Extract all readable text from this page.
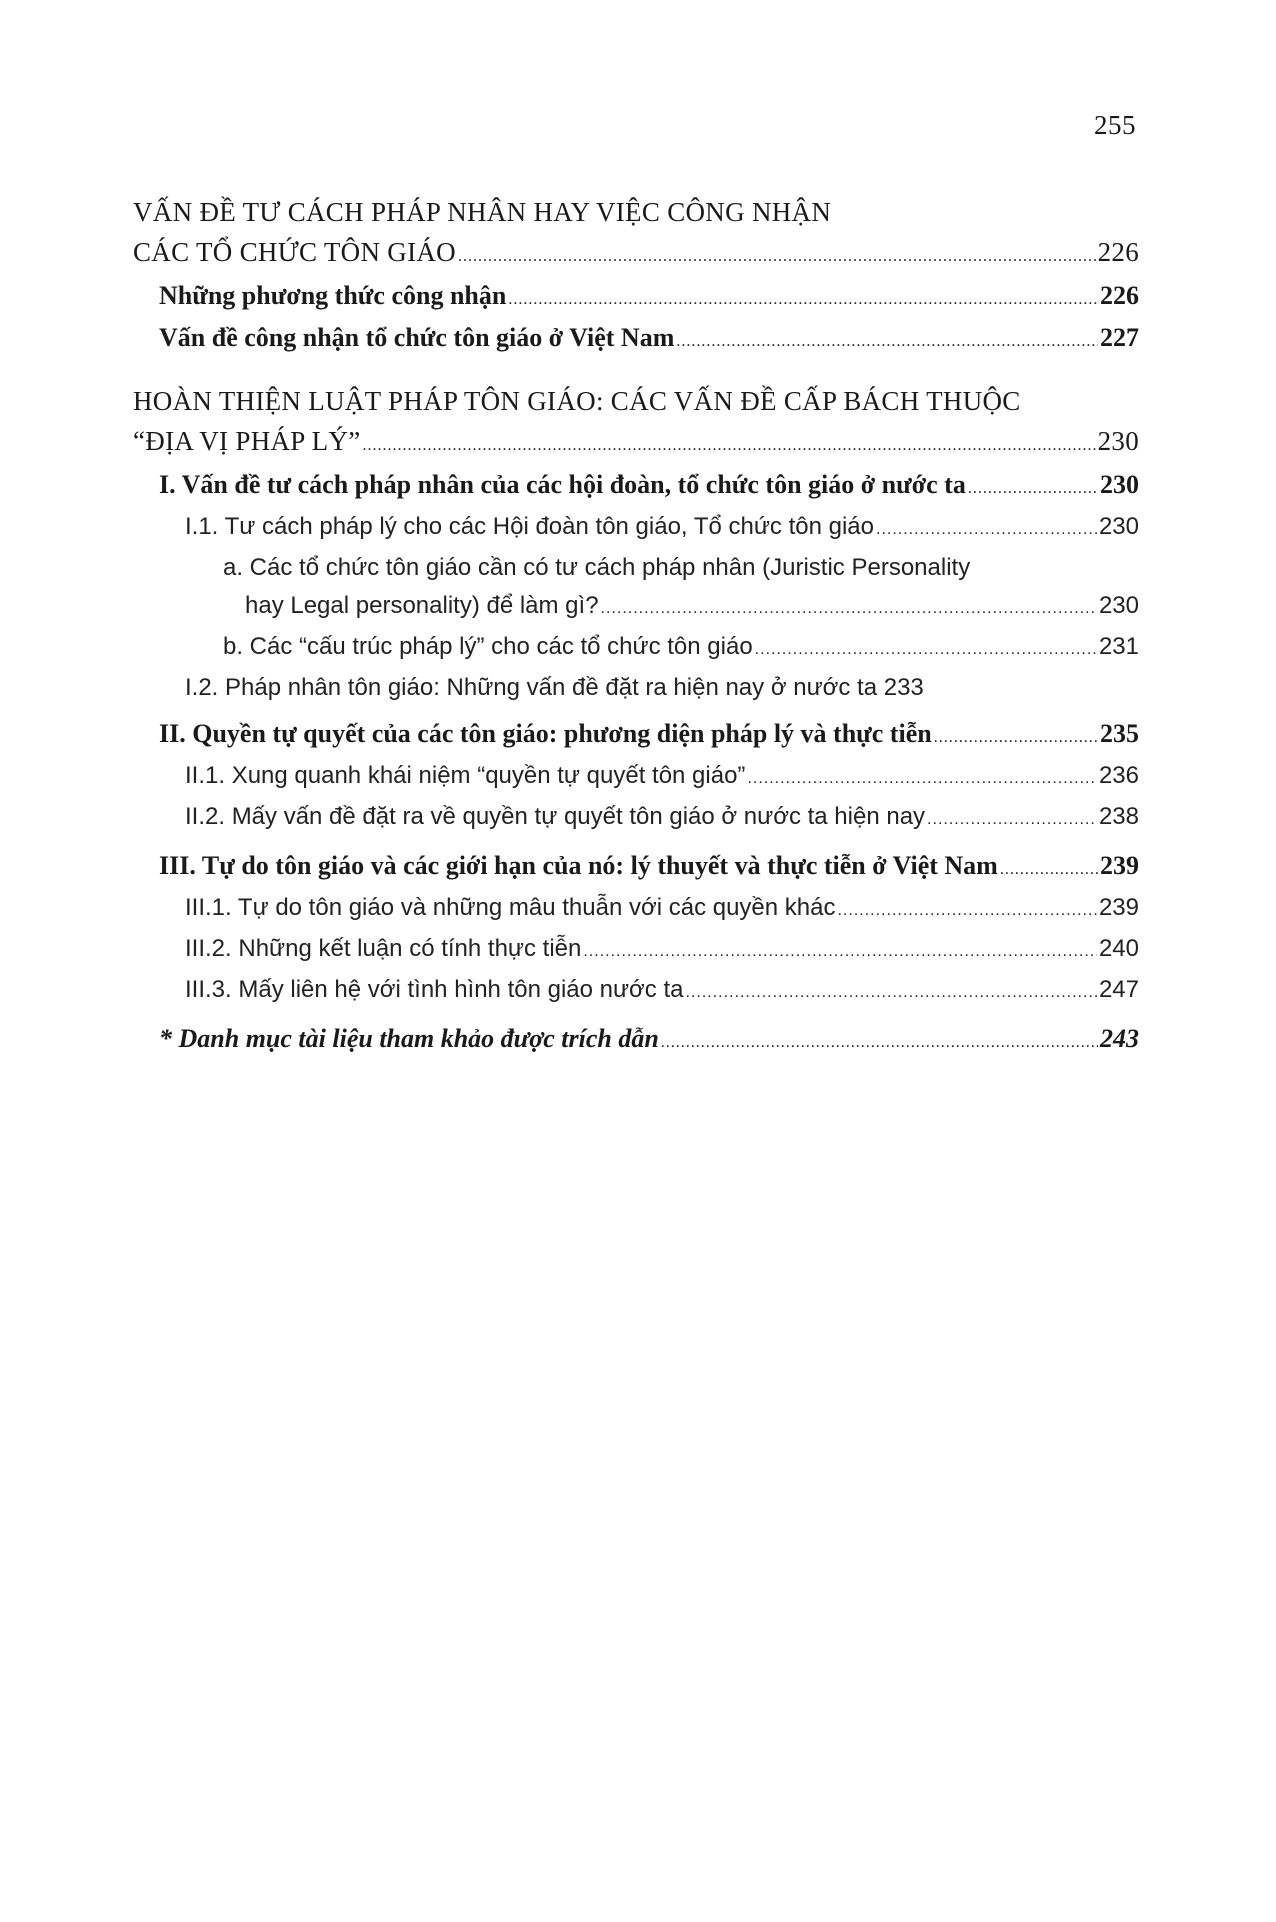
255
VẤN ĐỀ TƯ CÁCH PHÁP NHÂN HAY VIỆC CÔNG NHẬN
CÁC TỔ CHỨC TÔN GIÁO .....	226
Những phương thức công nhận .....	226
Vấn đề công nhận tổ chức tôn giáo ở Việt Nam .....	227
HOÀN THIỆN LUẬT PHÁP TÔN GIÁO: CÁC VẤN ĐỀ CẤP BÁCH THUỘC
“ĐỊA VỊ PHÁP LÝ” .....	230
I. Vấn đề tư cách pháp nhân của các hội đoàn, tổ chức tôn giáo ở nước ta .....	230
I.1. Tư cách pháp lý cho các Hội đoàn tôn giáo, Tổ chức tôn giáo .....	230
a. Các tổ chức tôn giáo cần có tư cách pháp nhân (Juristic Personality
hay Legal personality) để làm gì? .....	230
b. Các “cấu trúc pháp lý” cho các tổ chức tôn giáo .....	231
I.2. Pháp nhân tôn giáo: Những vấn đề đặt ra hiện nay ở nước ta 233
II. Quyền tự quyết của các tôn giáo: phương diện pháp lý và thực tiễn .....	235
II.1. Xung quanh khái niệm “quyền tự quyết tôn giáo” .....	236
II.2. Mấy vấn đề đặt ra về quyền tự quyết tôn giáo ở nước ta hiện nay .....	238
III. Tự do tôn giáo và các giới hạn của nó: lý thuyết và thực tiễn ở Việt Nam .....	239
III.1. Tự do tôn giáo và những mâu thuẫn với các quyền khác .....	239
III.2. Những kết luận có tính thực tiễn .....	240
III.3. Mấy liên hệ với tình hình tôn giáo nước ta .....	247
* Danh mục tài liệu tham khảo được trích dẫn .....	243
